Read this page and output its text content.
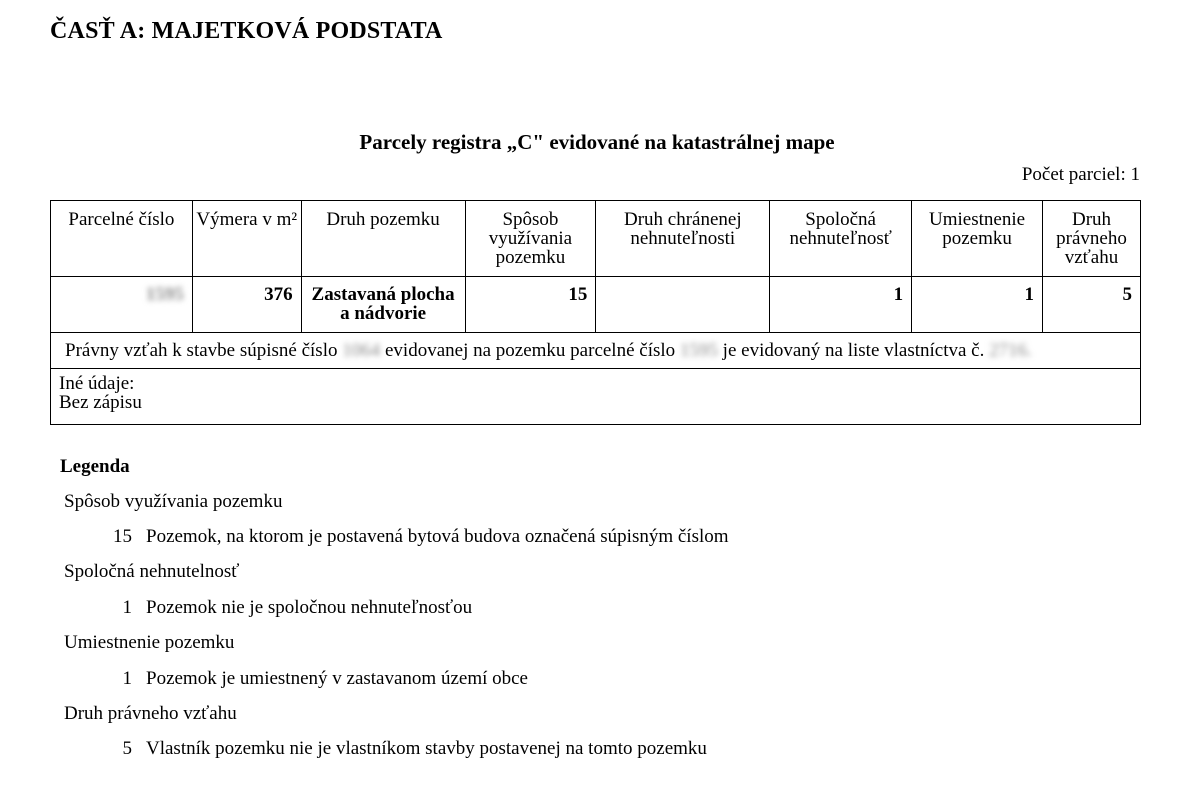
ČASŤ A: MAJETKOVÁ PODSTATA
Parcely registra „C" evidované na katastrálnej mape
Počet parciel: 1
Parcelné číslo	Výmera v m²	Druh pozemku	Spôsob využívania pozemku	Druh chránenej nehnuteľnosti	Spoločná nehnuteľnosť	Umiestnenie pozemku	Druh právneho vzťahu
1595	376	Zastavaná plocha a nádvorie	15		1	1	5
Právny vzťah k stavbe súpisné číslo 1064 evidovanej na pozemku parcelné číslo 1595 je evidovaný na liste vlastníctva č. 2716.							

Iné údaje:
Bez zápisu							
Legenda
Spôsob využívania pozemku
15 Pozemok, na ktorom je postavená bytová budova označená súpisným číslom
Spoločná nehnutelnosť
1 Pozemok nie je spoločnou nehnuteľnosťou
Umiestnenie pozemku
1 Pozemok je umiestnený v zastavanom území obce
Druh právneho vzťahu
5 Vlastník pozemku nie je vlastníkom stavby postavenej na tomto pozemku
